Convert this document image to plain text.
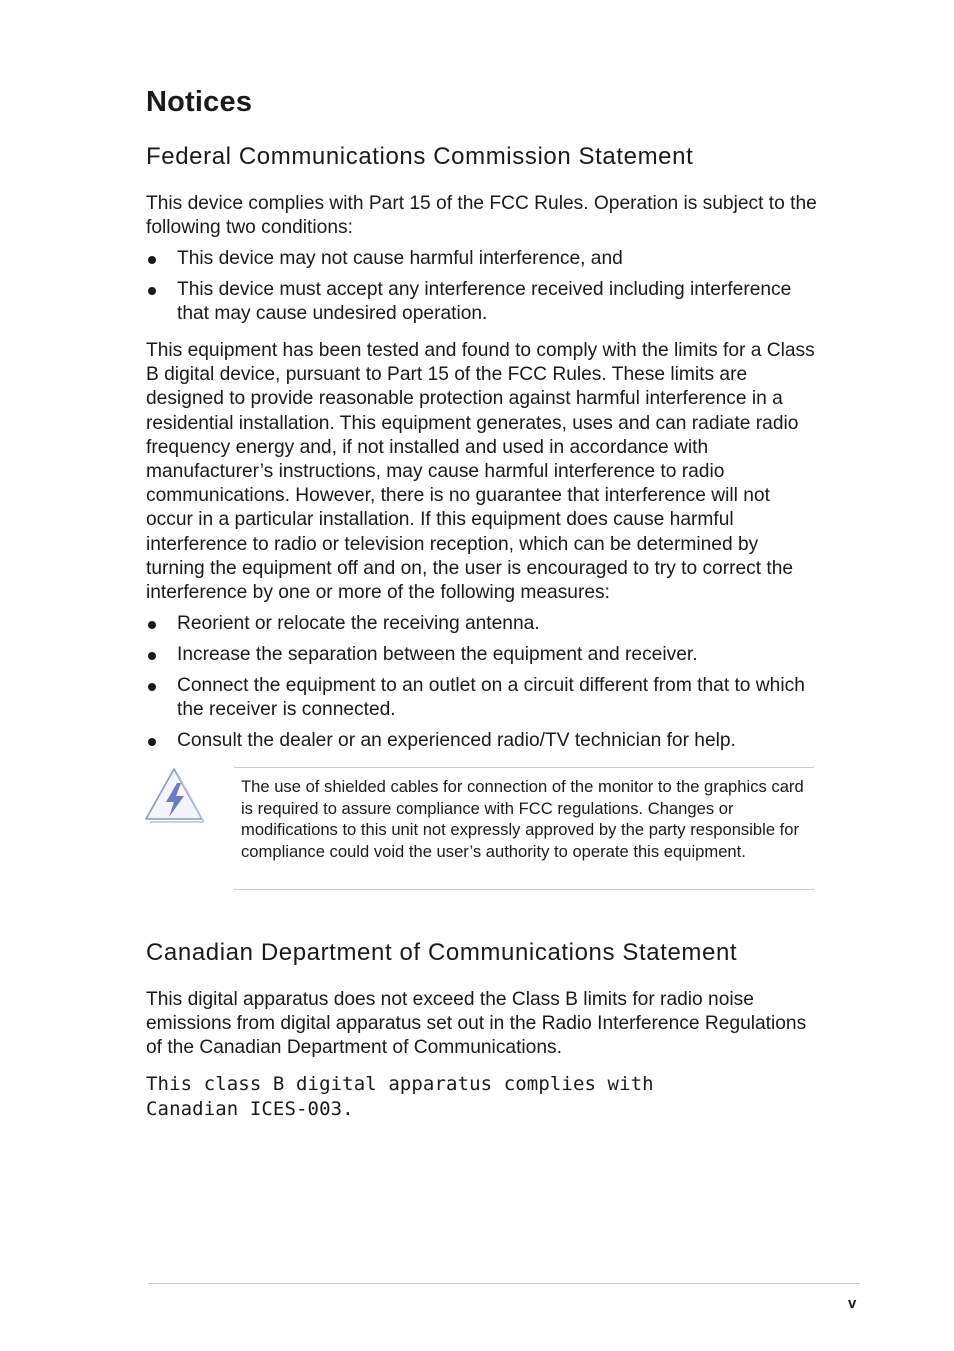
Notices
Federal Communications Commission Statement

This device complies with Part 15 of the FCC Rules. Operation is subject to the following two conditions:

This device may not cause harmful interference, and
This device must accept any interference received including interference that may cause undesired operation.

This equipment has been tested and found to comply with the limits for a Class B digital device, pursuant to Part 15 of the FCC Rules. These limits are designed to provide reasonable protection against harmful interference in a residential installation. This equipment generates, uses and can radiate radio frequency energy and, if not installed and used in accordance with manufacturer’s instructions, may cause harmful interference to radio communications. However, there is no guarantee that interference will not occur in a particular installation. If this equipment does cause harmful interference to radio or television reception, which can be determined by turning the equipment off and on, the user is encouraged to try to correct the interference by one or more of the following measures:

Reorient or relocate the receiving antenna.
Increase the separation between the equipment and receiver.
Connect the equipment to an outlet on a circuit different from that to which the receiver is connected.
Consult the dealer or an experienced radio/TV technician for help.

The use of shielded cables for connection of the monitor to the graphics card is required to assure compliance with FCC regulations. Changes or modifications to this unit not expressly approved by the party responsible for compliance could void the user’s authority to operate this equipment.

Canadian Department of Communications Statement

This digital apparatus does not exceed the Class B limits for radio noise emissions from digital apparatus set out in the Radio Interference Regulations of the Canadian Department of Communications.

This class B digital apparatus complies with Canadian ICES-003.

v
